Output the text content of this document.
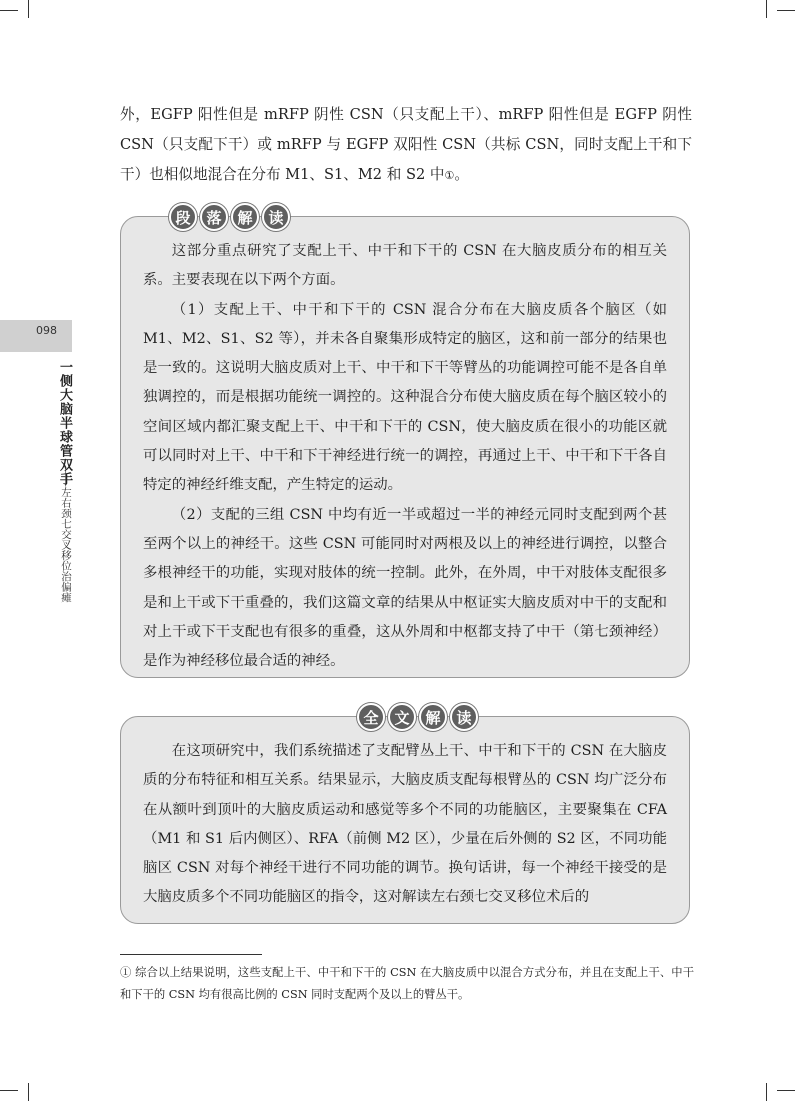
098
一侧大脑半球管双手
——左右颈七交叉移位治偏瘫

外，EGFP 阳性但是 mRFP 阴性 CSN（只支配上干）、mRFP 阳性但是 EGFP 阴性 CSN（只支配下干）或 mRFP 与 EGFP 双阳性 CSN（共标 CSN，同时支配上干和下干）也相似地混合在分布 M1、S1、M2 和 S2 中①。

段	落	解	读

这部分重点研究了支配上干、中干和下干的 CSN 在大脑皮质分布的相互关系。主要表现在以下两个方面。

（1）支配上干、中干和下干的 CSN 混合分布在大脑皮质各个脑区（如 M1、M2、S1、S2 等），并未各自聚集形成特定的脑区，这和前一部分的结果也是一致的。这说明大脑皮质对上干、中干和下干等臂丛的功能调控可能不是各自单独调控的，而是根据功能统一调控的。这种混合分布使大脑皮质在每个脑区较小的空间区域内都汇聚支配上干、中干和下干的 CSN，使大脑皮质在很小的功能区就可以同时对上干、中干和下干神经进行统一的调控，再通过上干、中干和下干各自特定的神经纤维支配，产生特定的运动。

（2）支配的三组 CSN 中均有近一半或超过一半的神经元同时支配到两个甚至两个以上的神经干。这些 CSN 可能同时对两根及以上的神经进行调控，以整合多根神经干的功能，实现对肢体的统一控制。此外，在外周，中干对肢体支配很多是和上干或下干重叠的，我们这篇文章的结果从中枢证实大脑皮质对中干的支配和对上干或下干支配也有很多的重叠，这从外周和中枢都支持了中干（第七颈神经）是作为神经移位最合适的神经。

全	文	解	读

在这项研究中，我们系统描述了支配臂丛上干、中干和下干的 CSN 在大脑皮质的分布特征和相互关系。结果显示，大脑皮质支配每根臂丛的 CSN 均广泛分布在从额叶到顶叶的大脑皮质运动和感觉等多个不同的功能脑区，主要聚集在 CFA（M1 和 S1 后内侧区）、RFA（前侧 M2 区），少量在后外侧的 S2 区，不同功能脑区 CSN 对每个神经干进行不同功能的调节。换句话讲，每一个神经干接受的是大脑皮质多个不同功能脑区的指令，这对解读左右颈七交叉移位术后的

① 综合以上结果说明，这些支配上干、中干和下干的 CSN 在大脑皮质中以混合方式分布，并且在支配上干、中干和下干的 CSN 均有很高比例的 CSN 同时支配两个及以上的臂丛干。
